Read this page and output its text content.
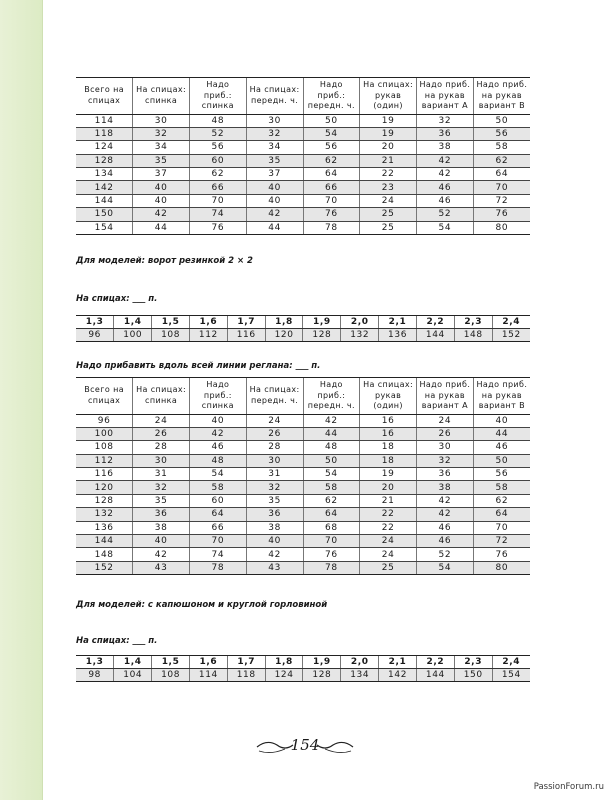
Всего на спицах	На спицах: спинка	Надо приб.: спинка	На спицах: передн. ч.	Надо приб.: передн. ч.	На спицах: рукав (один)	Надо приб. на рукав вариант А	Надо приб. на рукав вариант В
114	30	48	30	50	19	32	50
118	32	52	32	54	19	36	56
124	34	56	34	56	20	38	58
128	35	60	35	62	21	42	62
134	37	62	37	64	22	42	64
142	40	66	40	66	23	46	70
144	40	70	40	70	24	46	72
150	42	74	42	76	25	52	76
154	44	76	44	78	25	54	80
Для моделей: ворот резинкой 2 × 2
На спицах: ___ п.
1,3	1,4	1,5	1,6	1,7	1,8	1,9	2,0	2,1	2,2	2,3	2,4
96	100	108	112	116	120	128	132	136	144	148	152
Надо прибавить вдоль всей линии реглана: ___ п.
Всего на спицах	На спицах: спинка	Надо приб.: спинка	На спицах: передн. ч.	Надо приб.: передн. ч.	На спицах: рукав (один)	Надо приб. на рукав вариант А	Надо приб. на рукав вариант В
96	24	40	24	42	16	24	40
100	26	42	26	44	16	26	44
108	28	46	28	48	18	30	46
112	30	48	30	50	18	32	50
116	31	54	31	54	19	36	56
120	32	58	32	58	20	38	58
128	35	60	35	62	21	42	62
132	36	64	36	64	22	42	64
136	38	66	38	68	22	46	70
144	40	70	40	70	24	46	72
148	42	74	42	76	24	52	76
152	43	78	43	78	25	54	80
Для моделей: с капюшоном и круглой горловиной
На спицах: ___ п.
1,3	1,4	1,5	1,6	1,7	1,8	1,9	2,0	2,1	2,2	2,3	2,4
98	104	108	114	118	124	128	134	142	144	150	154
154
PassionForum.ru
